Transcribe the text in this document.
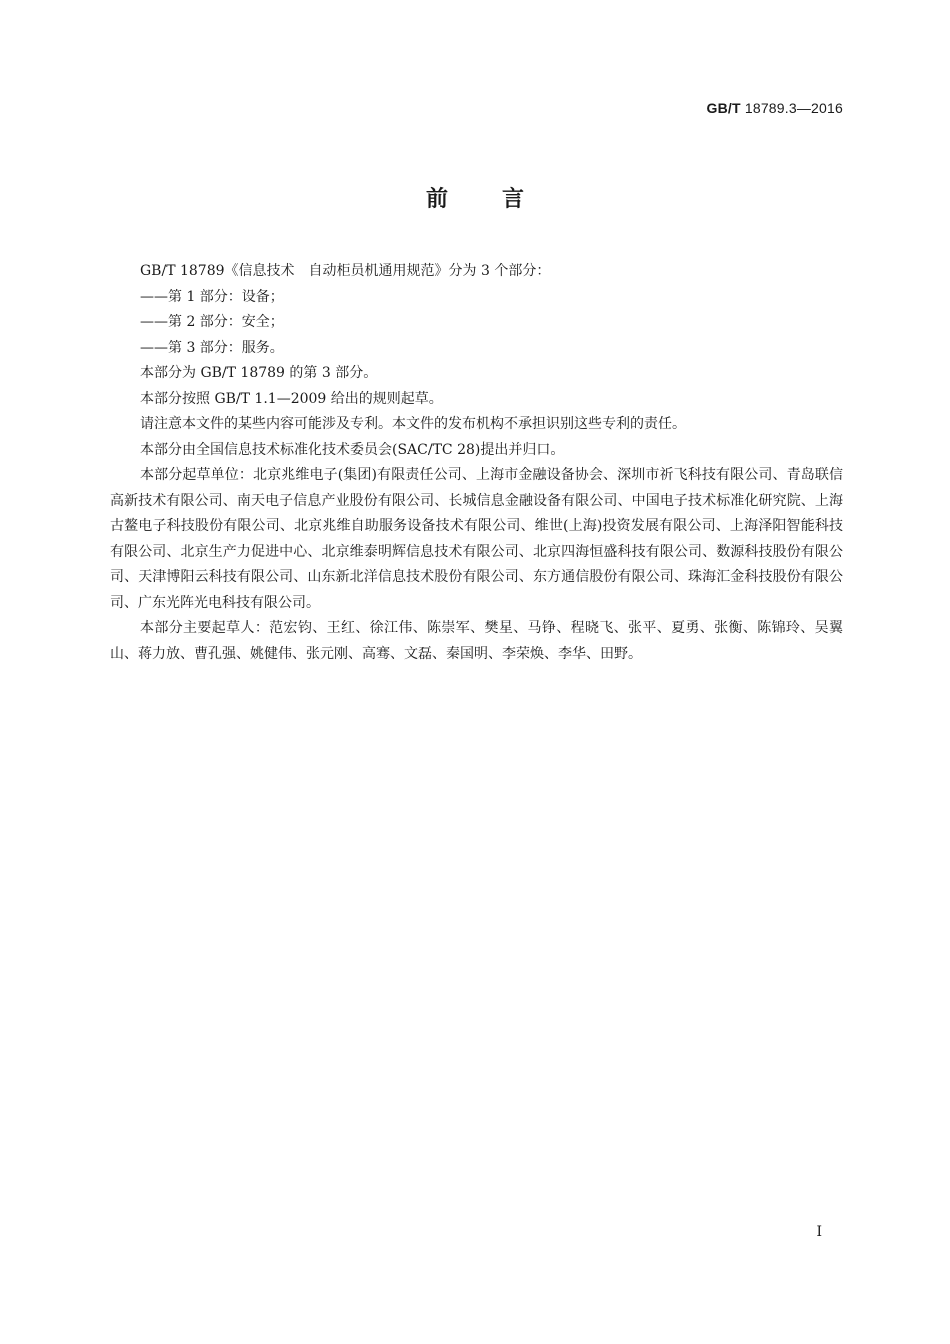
GB/T 18789.3—2016
前 言

GB/T 18789《信息技术　自动柜员机通用规范》分为 3 个部分：

——第 1 部分：设备；

——第 2 部分：安全；

——第 3 部分：服务。

本部分为 GB/T 18789 的第 3 部分。

本部分按照 GB/T 1.1—2009 给出的规则起草。

请注意本文件的某些内容可能涉及专利。本文件的发布机构不承担识别这些专利的责任。

本部分由全国信息技术标准化技术委员会(SAC/TC 28)提出并归口。

本部分起草单位：北京兆维电子(集团)有限责任公司、上海市金融设备协会、深圳市祈飞科技有限公司、青岛联信高新技术有限公司、南天电子信息产业股份有限公司、长城信息金融设备有限公司、中国电子技术标准化研究院、上海古鳌电子科技股份有限公司、北京兆维自助服务设备技术有限公司、维世(上海)投资发展有限公司、上海泽阳智能科技有限公司、北京生产力促进中心、北京维泰明辉信息技术有限公司、北京四海恒盛科技有限公司、数源科技股份有限公司、天津博阳云科技有限公司、山东新北洋信息技术股份有限公司、东方通信股份有限公司、珠海汇金科技股份有限公司、广东光阵光电科技有限公司。

本部分主要起草人：范宏钧、王红、徐江伟、陈崇军、樊星、马铮、程晓飞、张平、夏勇、张衡、陈锦玲、吴翼山、蒋力放、曹孔强、姚健伟、张元刚、高骞、文磊、秦国明、李荣焕、李华、田野。

I
